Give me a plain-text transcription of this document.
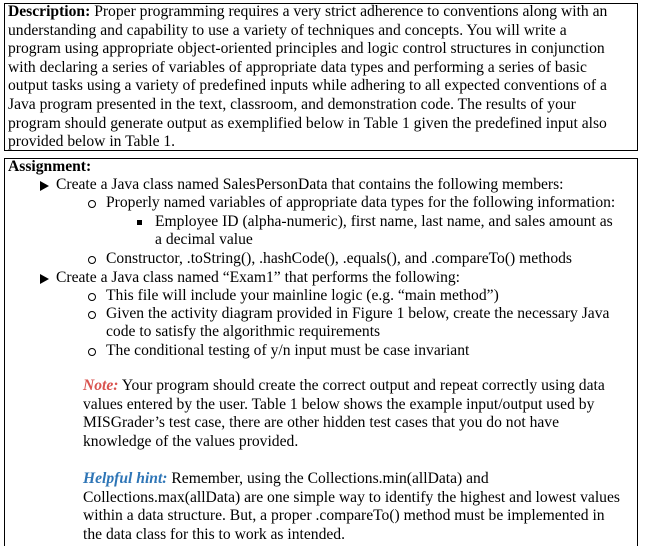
Description: Proper programming requires a very strict adherence to conventions along with an
understanding and capability to use a variety of techniques and concepts. You will write a
program using appropriate object-oriented principles and logic control structures in conjunction
with declaring a series of variables of appropriate data types and performing a series of basic
output tasks using a variety of predefined inputs while adhering to all expected conventions of a
Java program presented in the text, classroom, and demonstration code. The results of your
program should generate output as exemplified below in Table 1 given the predefined input also
provided below in Table 1.
Assignment:
Create a Java class named SalesPersonData that contains the following members:
Properly named variables of appropriate data types for the following information:
Employee ID (alpha-numeric), first name, last name, and sales amount as
a decimal value
Constructor, .toString(), .hashCode(), .equals(), and .compareTo() methods
Create a Java class named “Exam1” that performs the following:
This file will include your mainline logic (e.g. “main method”)
Given the activity diagram provided in Figure 1 below, create the necessary Java
code to satisfy the algorithmic requirements
The conditional testing of y/n input must be case invariant
Note: Your program should create the correct output and repeat correctly using data
values entered by the user. Table 1 below shows the example input/output used by
MISGrader’s test case, there are other hidden test cases that you do not have
knowledge of the values provided.
Helpful hint: Remember, using the Collections.min(allData) and
Collections.max(allData) are one simple way to identify the highest and lowest values
within a data structure. But, a proper .compareTo() method must be implemented in
the data class for this to work as intended.
